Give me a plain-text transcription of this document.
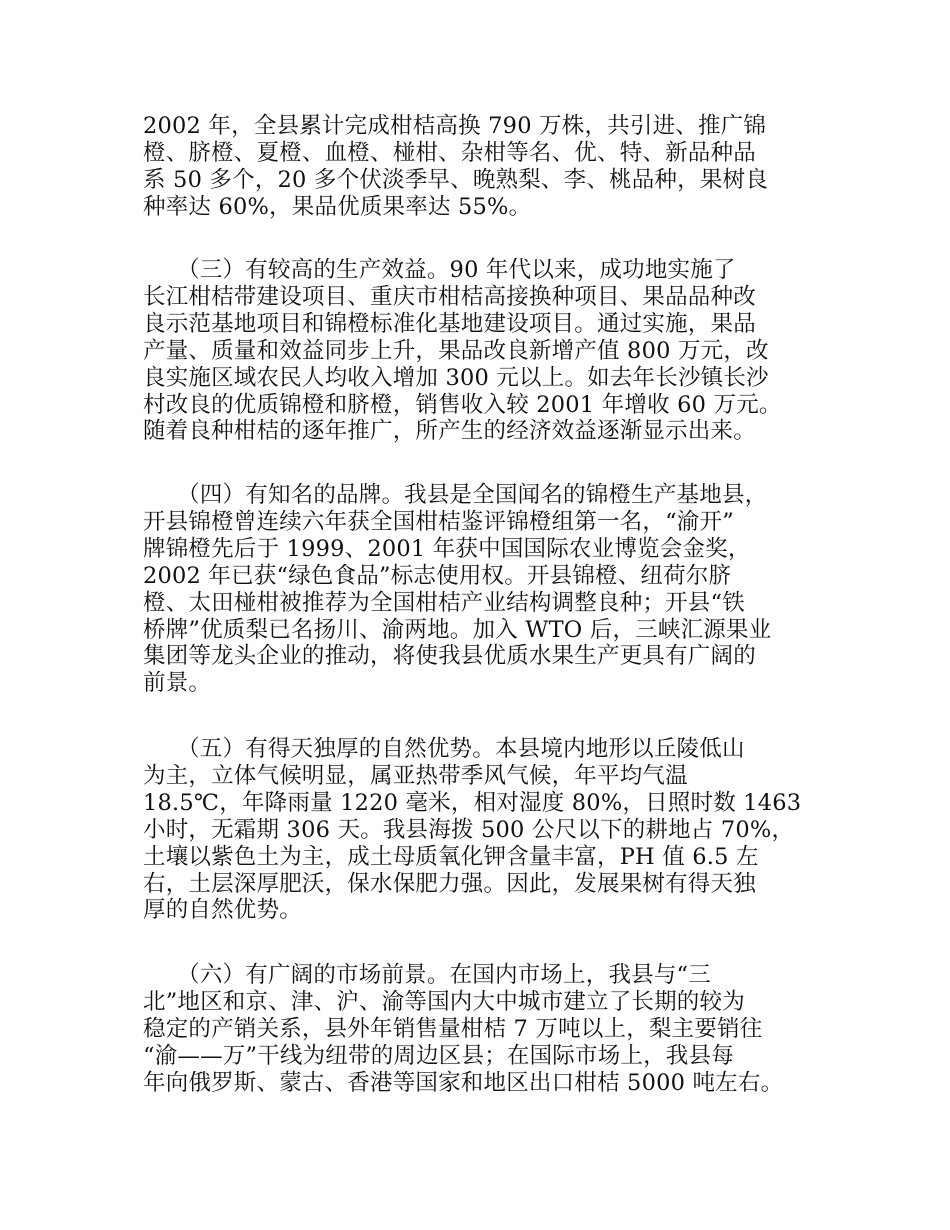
2002 年，全县累计完成柑桔高换 790 万株，共引进、推广锦
橙、脐橙、夏橙、血橙、椪柑、杂柑等名、优、特、新品种品
系 50 多个，20 多个伏淡季早、晚熟梨、李、桃品种，果树良
种率达 60%，果品优质果率达 55%。

　　（三）有较高的生产效益。90 年代以来，成功地实施了
长江柑桔带建设项目、重庆市柑桔高接换种项目、果品品种改
良示范基地项目和锦橙标准化基地建设项目。通过实施，果品
产量、质量和效益同步上升，果品改良新增产值 800 万元，改
良实施区域农民人均收入增加 300 元以上。如去年长沙镇长沙
村改良的优质锦橙和脐橙，销售收入较 2001 年增收 60 万元。
随着良种柑桔的逐年推广，所产生的经济效益逐渐显示出来。

　　（四）有知名的品牌。我县是全国闻名的锦橙生产基地县，
开县锦橙曾连续六年获全国柑桔鉴评锦橙组第一名，“渝开”
牌锦橙先后于 1999、2001 年获中国国际农业博览会金奖，
2002 年已获“绿色食品”标志使用权。开县锦橙、纽荷尔脐
橙、太田椪柑被推荐为全国柑桔产业结构调整良种；开县“铁
桥牌”优质梨已名扬川、渝两地。加入 WTO 后，三峡汇源果业
集团等龙头企业的推动，将使我县优质水果生产更具有广阔的
前景。

　　（五）有得天独厚的自然优势。本县境内地形以丘陵低山
为主，立体气候明显，属亚热带季风气候，年平均气温
18.5℃，年降雨量 1220 毫米，相对湿度 80%，日照时数 1463
小时，无霜期 306 天。我县海拨 500 公尺以下的耕地占 70%，
土壤以紫色土为主，成土母质氧化钾含量丰富，PH 值 6.5 左
右，土层深厚肥沃，保水保肥力强。因此，发展果树有得天独
厚的自然优势。

　　（六）有广阔的市场前景。在国内市场上，我县与“三
北”地区和京、津、沪、渝等国内大中城市建立了长期的较为
稳定的产销关系，县外年销售量柑桔 7 万吨以上，梨主要销往
“渝——万”干线为纽带的周边区县；在国际市场上，我县每
年向俄罗斯、蒙古、香港等国家和地区出口柑桔 5000 吨左右。
